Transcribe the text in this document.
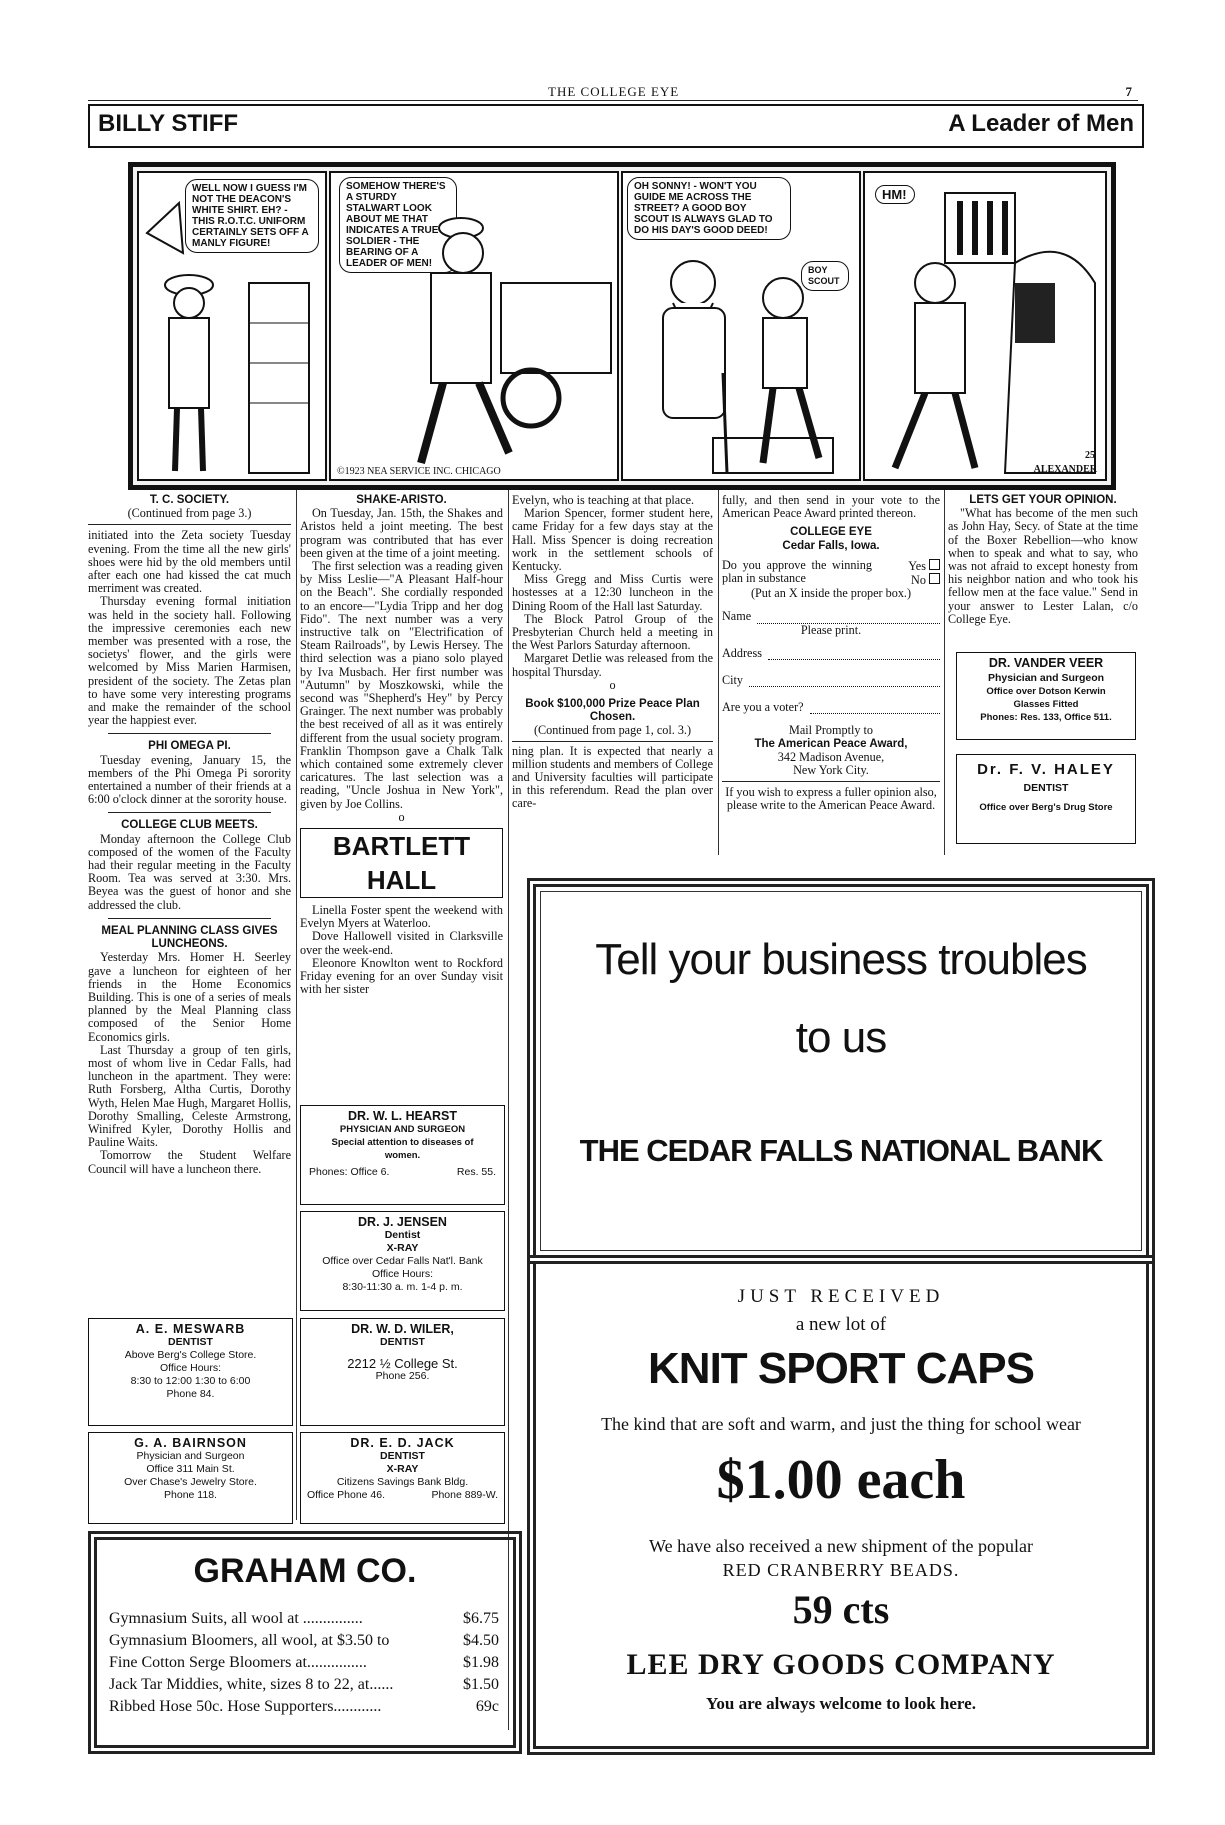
THE COLLEGE EYE	7
BILLY STIFF	A Leader of Men
WELL NOW I GUESS I'M NOT THE DEACON'S WHITE SHIRT. EH? - THIS R.O.T.C. UNIFORM CERTAINLY SETS OFF A MANLY FIGURE!
SOMEHOW THERE'S A STURDY STALWART LOOK ABOUT ME THAT INDICATES A TRUE SOLDIER - THE BEARING OF A LEADER OF MEN!
©1923 NEA SERVICE INC. CHICAGO
OH SONNY! - WON'T YOU GUIDE ME ACROSS THE STREET? A GOOD BOY SCOUT IS ALWAYS GLAD TO DO HIS DAY'S GOOD DEED!
BOY SCOUT
HM!
25
ALEXANDER

T. C. SOCIETY.

(Continued from page 3.)

initiated into the Zeta society Tuesday evening. From the time all the new girls' shoes were hid by the old members until after each one had kissed the cat much merriment was created.

Thursday evening formal initiation was held in the society hall. Following the impressive ceremonies each new member was presented with a rose, the societys' flower, and the girls were welcomed by Miss Marien Harmisen, president of the society. The Zetas plan to have some very interesting programs and make the remainder of the school year the happiest ever.

PHI OMEGA PI.

Tuesday evening, January 15, the members of the Phi Omega Pi sorority entertained a number of their friends at a 6:00 o'clock dinner at the sorority house.

COLLEGE CLUB MEETS.

Monday afternoon the College Club composed of the women of the Faculty had their regular meeting in the Faculty Room. Tea was served at 3:30. Mrs. Beyea was the guest of honor and she addressed the club.

MEAL PLANNING CLASS GIVES LUNCHEONS.

Yesterday Mrs. Homer H. Seerley gave a luncheon for eighteen of her friends in the Home Economics Building. This is one of a series of meals planned by the Meal Planning class composed of the Senior Home Economics girls.

Last Thursday a group of ten girls, most of whom live in Cedar Falls, had luncheon in the apartment. They were: Ruth Forsberg, Altha Curtis, Dorothy Wyth, Helen Mae Hugh, Margaret Hollis, Dorothy Smalling, Celeste Armstrong, Winifred Kyler, Dorothy Hollis and Pauline Waits.

Tomorrow the Student Welfare Council will have a luncheon there.

A. E. MESWARB
DENTIST
Above Berg's College Store.
Office Hours:
8:30 to 12:00 1:30 to 6:00
Phone 84.
G. A. BAIRNSON
Physician and Surgeon
Office 311 Main St.
Over Chase's Jewelry Store.
Phone 118.

SHAKE-ARISTO.

On Tuesday, Jan. 15th, the Shakes and Aristos held a joint meeting. The best program was contributed that has ever been given at the time of a joint meeting.

The first selection was a reading given by Miss Leslie—"A Pleasant Half-hour on the Beach". She cordially responded to an encore—"Lydia Tripp and her dog Fido". The next number was a very instructive talk on "Electrification of Steam Railroads", by Lewis Hersey. The third selection was a piano solo played by Iva Musbach. Her first number was "Autumn" by Moszkowski, while the second was "Shepherd's Hey" by Percy Grainger. The next number was probably the best received of all as it was entirely different from the usual society program. Franklin Thompson gave a Chalk Talk which contained some extremely clever caricatures. The last selection was a reading, "Uncle Joshua in New York", given by Joe Collins.

o

BARTLETT HALL

Linella Foster spent the weekend with Evelyn Myers at Waterloo.

Dove Hallowell visited in Clarksville over the week-end.

Eleonore Knowlton went to Rockford Friday evening for an over Sunday visit with her sister

DR. W. L. HEARST
PHYSICIAN AND SURGEON
Special attention to diseases of women.
Phones: Office 6.	Res. 55.
DR. J. JENSEN
Dentist
X-RAY
Office over Cedar Falls Nat'l. Bank
Office Hours:
8:30-11:30 a. m. 1-4 p. m.
DR. W. D. WILER,
DENTIST
2212 ½ College St.
Phone 256.
DR. E. D. JACK
DENTIST
X-RAY
Citizens Savings Bank Bldg.
Office Phone 46.	Phone 889-W.

Evelyn, who is teaching at that place.

Marion Spencer, former student here, came Friday for a few days stay at the Hall. Miss Spencer is doing recreation work in the settlement schools of Kentucky.

Miss Gregg and Miss Curtis were hostesses at a 12:30 luncheon in the Dining Room of the Hall last Saturday.

The Block Patrol Group of the Presbyterian Church held a meeting in the West Parlors Saturday afternoon.

Margaret Detlie was released from the hospital Thursday.

o

Book $100,000 Prize Peace Plan Chosen.

(Continued from page 1, col. 3.)

ning plan. It is expected that nearly a million students and members of College and University faculties will participate in this referendum. Read the plan over care-

fully, and then send in your vote to the American Peace Award printed thereon.

COLLEGE EYE

Cedar Falls, Iowa.

Do you approve the winning plan in substance
Yes
No

(Put an X inside the proper box.)

Name

Please print.

Address
City
Are you a voter?

Mail Promptly to

The American Peace Award,

342 Madison Avenue,

New York City.

If you wish to express a fuller opinion also, please write to the American Peace Award.

LETS GET YOUR OPINION.

"What has become of the men such as John Hay, Secy. of State at the time of the Boxer Rebellion—who know when to speak and what to say, who was not afraid to except honesty from his neighbor nation and who took his fellow men at the face value." Send in your answer to Lester Lalan, c/o College Eye.

DR. VANDER VEER
Physician and Surgeon
Office over Dotson Kerwin
Glasses Fitted
Phones: Res. 133, Office 511.
Dr. F. V. HALEY
DENTIST
Office over Berg's Drug Store
Tell your business troubles
to us
THE CEDAR FALLS NATIONAL BANK
JUST RECEIVED
a new lot of
KNIT SPORT CAPS
The kind that are soft and warm, and just the thing for school wear
$1.00 each
We have also received a new shipment of the popular
RED CRANBERRY BEADS.
59 cts
LEE DRY GOODS COMPANY
You are always welcome to look here.
GRAHAM CO.
Gymnasium Suits, all wool at ...............	$6.75
Gymnasium Bloomers, all wool, at $3.50 to	$4.50
Fine Cotton Serge Bloomers at...............	$1.98
Jack Tar Middies, white, sizes 8 to 22, at......	$1.50
Ribbed Hose 50c. Hose Supporters............	69c
